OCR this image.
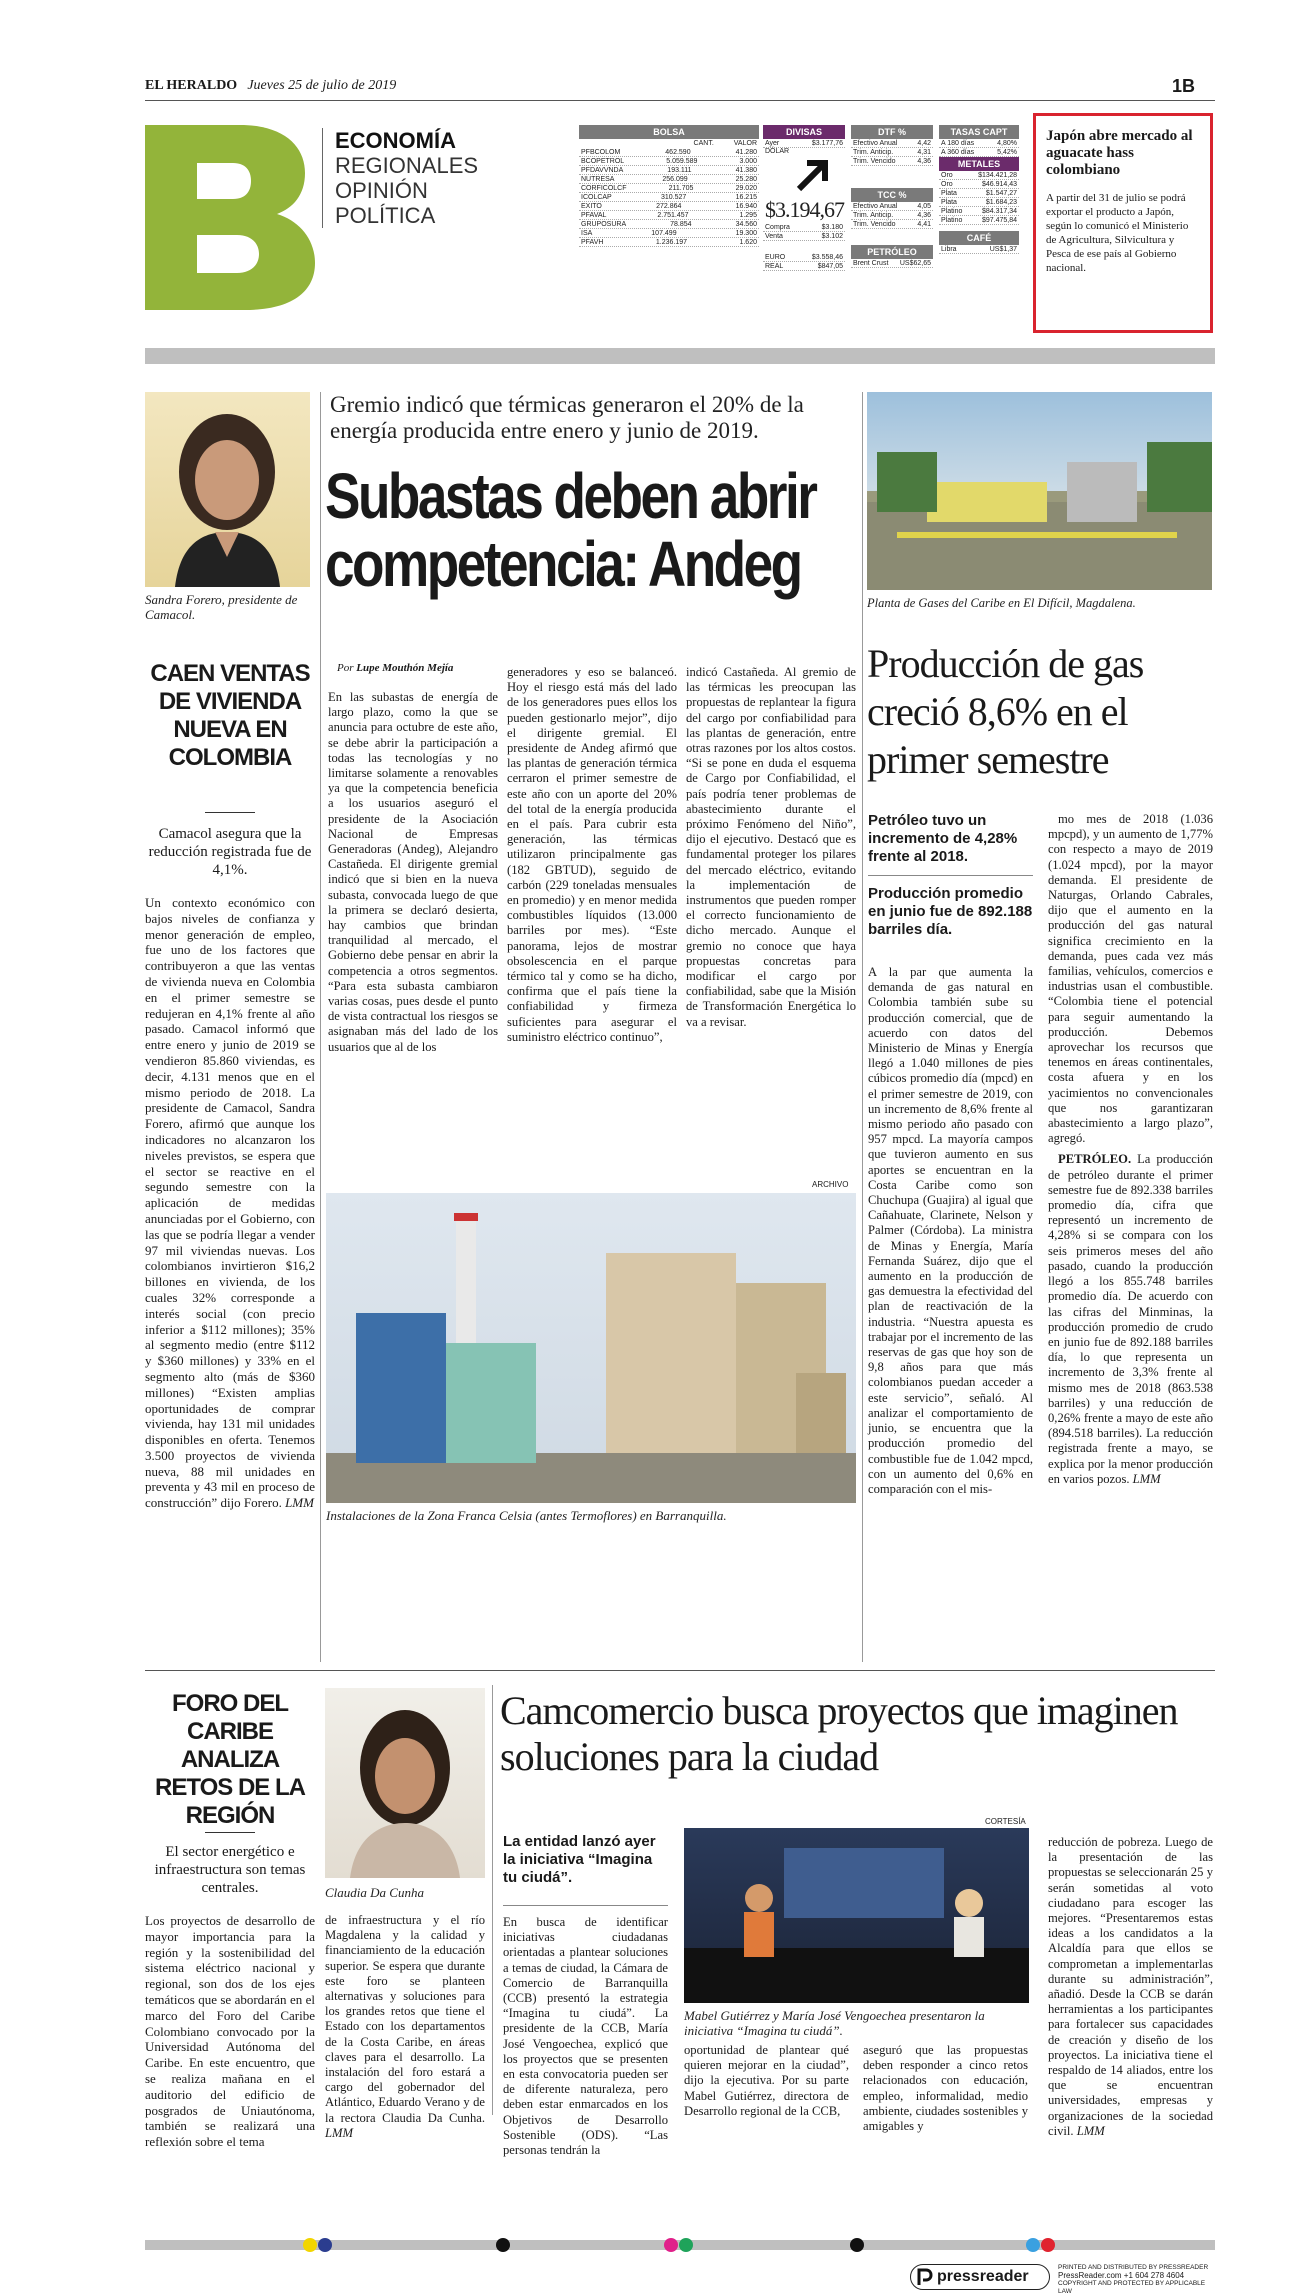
EL HERALDO Jueves 25 de julio de 2019	1B
ECONOMÍA
REGIONALES
OPINIÓN
POLÍTICA
BOLSA
CANT.	VALOR
PFBCOLOM	462.590	41.280
BCOPETROL	5.059.589	3.000
PFDAVVNDA	193.111	41.380
NUTRESA	256.099	25.280
CORFICOLCF	211.705	29.020
ICOLCAP	310.527	16.215
EXITO	272.864	16.940
PFAVAL	2.751.457	1.295
GRUPOSURA	78.854	34.560
ISA	107.499	19.300
PFAVH	1.236.197	1.620
DIVISAS
Ayer	$3.177,76
DÓLAR
$3.194,67
Compra	$3.180
Venta	$3.102
EURO	$3.558,46
REAL	$847,05
DTF %
Efectivo Anual	4,42
Trim. Anticip.	4,31
Trim. Vencido	4,36
TCC %
Efectivo Anual	4,05
Trim. Anticip.	4,36
Trim. Vencido	4,41
PETRÓLEO
Brent Crust US$62,65
TASAS CAPT
A 180 días	4,80%
A 360 días	5,42%
METALES
Oro	$134.421,28
Oro	$46.914,43
Plata	$1.547,27
Plata	$1.684,23
Platino	$84.317,34
Platino	$97.475,84
CAFÉ
Libra	US$1,37
Japón abre mercado al aguacate hass colombiano
A partir del 31 de julio se podrá exportar el producto a Japón, según lo comunicó el Ministerio de Agricultura, Silvicultura y Pesca de ese país al Gobierno nacional.
Sandra Forero, presidente de Camacol.
CAEN VENTAS DE VIVIENDA NUEVA EN COLOMBIA
Camacol asegura que la reducción registrada fue de 4,1%.
Un contexto económico con bajos niveles de confianza y menor generación de empleo, fue uno de los factores que contribuyeron a que las ventas de vivienda nueva en Colombia en el primer semestre se redujeran en 4,1% frente al año pasado. Camacol informó que entre enero y junio de 2019 se vendieron 85.860 viviendas, es decir, 4.131 menos que en el mismo periodo de 2018. La presidente de Camacol, Sandra Forero, afirmó que aunque los indicadores no alcanzaron los niveles previstos, se espera que el sector se reactive en el segundo semestre con la aplicación de medidas anunciadas por el Gobierno, con las que se podría llegar a vender 97 mil viviendas nuevas. Los colombianos invirtieron $16,2 billones en vivienda, de los cuales 32% corresponde a interés social (con precio inferior a $112 millones); 35% al segmento medio (entre $112 y $360 millones) y 33% en el segmento alto (más de $360 millones) “Existen amplias oportunidades de comprar vivienda, hay 131 mil unidades disponibles en oferta. Tenemos 3.500 proyectos de vivienda nueva, 88 mil unidades en preventa y 43 mil en proceso de construcción” dijo Forero. LMM
Gremio indicó que térmicas generaron el 20% de la energía producida entre enero y junio de 2019.
Subastas deben abrir competencia: Andeg
Por Lupe Mouthón Mejía
En las subastas de energía de largo plazo, como la que se anuncia para octubre de este año, se debe abrir la participación a todas las tecnologías y no limitarse solamente a renovables ya que la competencia beneficia a los usuarios aseguró el presidente de la Asociación Nacional de Empresas Generadoras (Andeg), Alejandro Castañeda. El dirigente gremial indicó que si bien en la nueva subasta, convocada luego de que la primera se declaró desierta, hay cambios que brindan tranquilidad al mercado, el Gobierno debe pensar en abrir la competencia a otros segmentos. “Para esta subasta cambiaron varias cosas, pues desde el punto de vista contractual los riesgos se asignaban más del lado de los usuarios que al de los
generadores y eso se balanceó. Hoy el riesgo está más del lado de los generadores pues ellos los pueden gestionarlo mejor”, dijo el dirigente gremial. El presidente de Andeg afirmó que las plantas de generación térmica cerraron el primer semestre de este año con un aporte del 20% del total de la energía producida en el país. Para cubrir esta generación, las térmicas utilizaron principalmente gas (182 GBTUD), seguido de carbón (229 toneladas mensuales en promedio) y en menor medida combustibles líquidos (13.000 barriles por mes). “Este panorama, lejos de mostrar obsolescencia en el parque térmico tal y como se ha dicho, confirma que el país tiene la confiabilidad y firmeza suficientes para asegurar el suministro eléctrico continuo”,
indicó Castañeda. Al gremio de las térmicas les preocupan las propuestas de replantear la figura del cargo por confiabilidad para las plantas de generación, entre otras razones por los altos costos. “Si se pone en duda el esquema de Cargo por Confiabilidad, el país podría tener problemas de abastecimiento durante el próximo Fenómeno del Niño”, dijo el ejecutivo. Destacó que es fundamental proteger los pilares del mercado eléctrico, evitando la implementación de instrumentos que pueden romper el correcto funcionamiento de dicho mercado. Aunque el gremio no conoce que haya propuestas concretas para modificar el cargo por confiabilidad, sabe que la Misión de Transformación Energética lo va a revisar.
ARCHIVO
Instalaciones de la Zona Franca Celsia (antes Termoflores) en Barranquilla.
Planta de Gases del Caribe en El Difícil, Magdalena.
Producción de gas creció 8,6% en el primer semestre
Petróleo tuvo un incremento de 4,28% frente al 2018.
Producción promedio en junio fue de 892.188 barriles día.
A la par que aumenta la demanda de gas natural en Colombia también sube su producción comercial, que de acuerdo con datos del Ministerio de Minas y Energía llegó a 1.040 millones de pies cúbicos promedio día (mpcd) en el primer semestre de 2019, con un incremento de 8,6% frente al mismo periodo año pasado con 957 mpcd. La mayoría campos que tuvieron aumento en sus aportes se encuentran en la Costa Caribe como son Chuchupa (Guajira) al igual que Cañahuate, Clarinete, Nelson y Palmer (Córdoba). La ministra de Minas y Energía, María Fernanda Suárez, dijo que el aumento en la producción de gas demuestra la efectividad del plan de reactivación de la industria. “Nuestra apuesta es trabajar por el incremento de las reservas de gas que hoy son de 9,8 años para que más colombianos puedan acceder a este servicio”, señaló. Al analizar el comportamiento de junio, se encuentra que la producción promedio del combustible fue de 1.042 mpcd, con un aumento del 0,6% en comparación con el mis-

mo mes de 2018 (1.036 mpcpd), y un aumento de 1,77% con respecto a mayo de 2019 (1.024 mpcd), por la mayor demanda. El presidente de Naturgas, Orlando Cabrales, dijo que el aumento en la producción del gas natural significa crecimiento en la demanda, pues cada vez más familias, vehículos, comercios e industrias usan el combustible. “Colombia tiene el potencial para seguir aumentando la producción. Debemos aprovechar los recursos que tenemos en áreas continentales, costa afuera y en los yacimientos no convencionales que nos garantizaran abastecimiento a largo plazo”, agregó.

PETRÓLEO. La producción de petróleo durante el primer semestre fue de 892.338 barriles promedio día, cifra que representó un incremento de 4,28% si se compara con los seis primeros meses del año pasado, cuando la producción llegó a los 855.748 barriles promedio día. De acuerdo con las cifras del Minminas, la producción promedio de crudo en junio fue de 892.188 barriles día, lo que representa un incremento de 3,3% frente al mismo mes de 2018 (863.538 barriles) y una reducción de 0,26% frente a mayo de este año (894.518 barriles). La reducción registrada frente a mayo, se explica por la menor producción en varios pozos. LMM

FORO DEL CARIBE ANALIZA RETOS DE LA REGIÓN
El sector energético e infraestructura son temas centrales.
Los proyectos de desarrollo de mayor importancia para la región y la sostenibilidad del sistema eléctrico nacional y regional, son dos de los ejes temáticos que se abordarán en el marco del Foro del Caribe Colombiano convocado por la Universidad Autónoma del Caribe. En este encuentro, que se realiza mañana en el auditorio del edificio de posgrados de Uniautónoma, también se realizará una reflexión sobre el tema
Claudia Da Cunha
de infraestructura y el río Magdalena y la calidad y financiamiento de la educación superior. Se espera que durante este foro se planteen alternativas y soluciones para los grandes retos que tiene el Estado con los departamentos de la Costa Caribe, en áreas claves para el desarrollo. La instalación del foro estará a cargo del gobernador del Atlántico, Eduardo Verano y de la rectora Claudia Da Cunha. LMM
Camcomercio busca proyectos que imaginen soluciones para la ciudad
La entidad lanzó ayer la iniciativa “Imagina tu ciudá”.
En busca de identificar iniciativas ciudadanas orientadas a plantear soluciones a temas de ciudad, la Cámara de Comercio de Barranquilla (CCB) presentó la estrategia “Imagina tu ciudá”. La presidente de la CCB, María José Vengoechea, explicó que los proyectos que se presenten en esta convocatoria pueden ser de diferente naturaleza, pero deben estar enmarcados en los Objetivos de Desarrollo Sostenible (ODS). “Las personas tendrán la
CORTESÍA
Mabel Gutiérrez y María José Vengoechea presentaron la iniciativa “Imagina tu ciudá”.
oportunidad de plantear qué quieren mejorar en la ciudad”, dijo la ejecutiva. Por su parte Mabel Gutiérrez, directora de Desarrollo regional de la CCB,
aseguró que las propuestas deben responder a cinco retos relacionados con educación, empleo, informalidad, medio ambiente, ciudades sostenibles y amigables y
reducción de pobreza. Luego de la presentación de las propuestas se seleccionarán 25 y serán sometidas al voto ciudadano para escoger las mejores. “Presentaremos estas ideas a los candidatos a la Alcaldía para que ellos se comprometan a implementarlas durante su administración”, añadió. Desde la CCB se darán herramientas a los participantes para fortalecer sus capacidades de creación y diseño de los proyectos. La iniciativa tiene el respaldo de 14 aliados, entre los que se encuentran universidades, empresas y organizaciones de la sociedad civil. LMM
pressreader
PRINTED AND DISTRIBUTED BY PRESSREADER
PressReader.com +1 604 278 4604
COPYRIGHT AND PROTECTED BY APPLICABLE LAW
